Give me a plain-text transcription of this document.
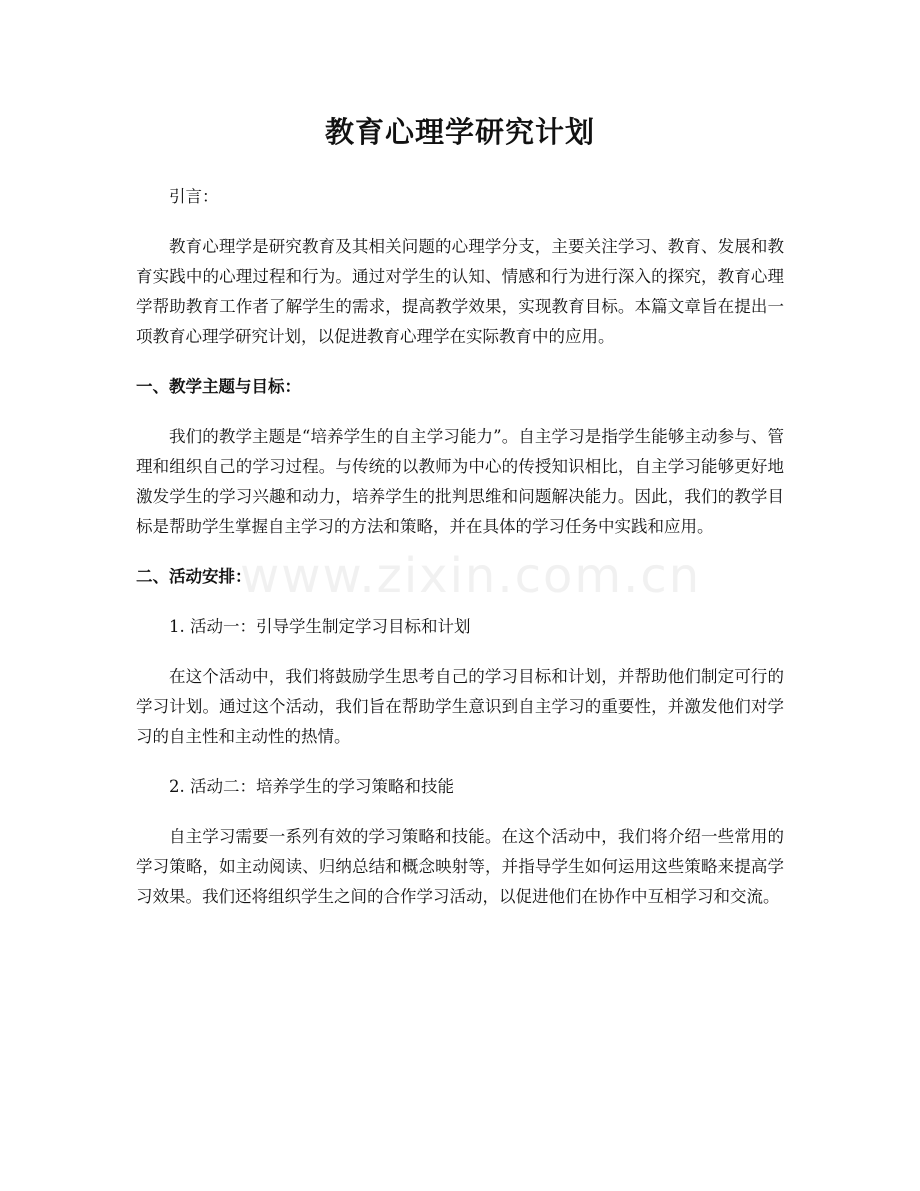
教育心理学研究计划

引言：

教育心理学是研究教育及其相关问题的心理学分支，主要关注学习、教育、发展和教育实践中的心理过程和行为。通过对学生的认知、情感和行为进行深入的探究，教育心理学帮助教育工作者了解学生的需求，提高教学效果，实现教育目标。本篇文章旨在提出一项教育心理学研究计划，以促进教育心理学在实际教育中的应用。

一、教学主题与目标：

我们的教学主题是“培养学生的自主学习能力”。自主学习是指学生能够主动参与、管理和组织自己的学习过程。与传统的以教师为中心的传授知识相比，自主学习能够更好地激发学生的学习兴趣和动力，培养学生的批判思维和问题解决能力。因此，我们的教学目标是帮助学生掌握自主学习的方法和策略，并在具体的学习任务中实践和应用。

二、活动安排：

1. 活动一：引导学生制定学习目标和计划

在这个活动中，我们将鼓励学生思考自己的学习目标和计划，并帮助他们制定可行的学习计划。通过这个活动，我们旨在帮助学生意识到自主学习的重要性，并激发他们对学习的自主性和主动性的热情。

2. 活动二：培养学生的学习策略和技能

自主学习需要一系列有效的学习策略和技能。在这个活动中，我们将介绍一些常用的学习策略，如主动阅读、归纳总结和概念映射等，并指导学生如何运用这些策略来提高学习效果。我们还将组织学生之间的合作学习活动，以促进他们在协作中互相学习和交流。

www.zixin.com.cn
